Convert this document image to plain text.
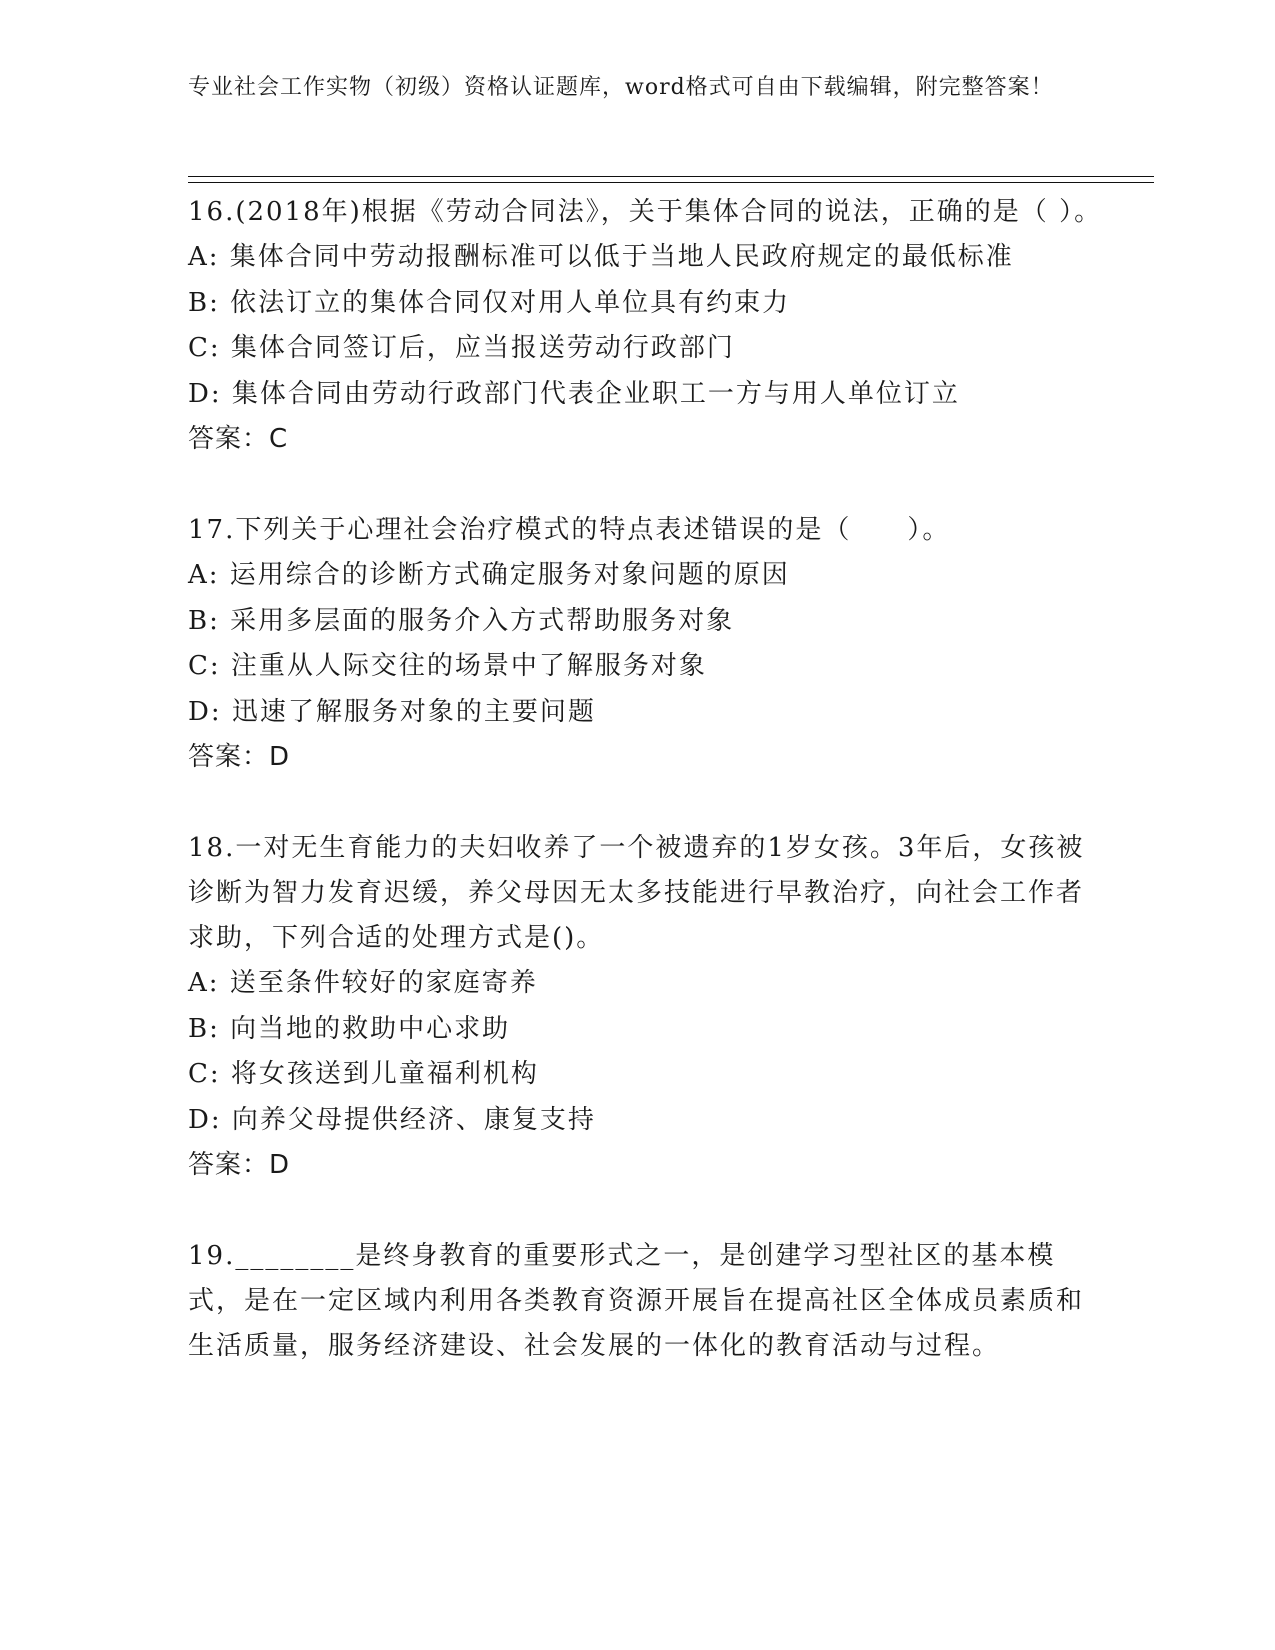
专业社会工作实物（初级）资格认证题库，word格式可自由下载编辑，附完整答案！

16.(2018年)根据《劳动合同法》，关于集体合同的说法，正确的是（ ）。

A: 集体合同中劳动报酬标准可以低于当地人民政府规定的最低标准

B: 依法订立的集体合同仅对用人单位具有约束力

C: 集体合同签订后，应当报送劳动行政部门

D: 集体合同由劳动行政部门代表企业职工一方与用人单位订立

答案：C

17.下列关于心理社会治疗模式的特点表述错误的是（　　）。

A: 运用综合的诊断方式确定服务对象问题的原因

B: 采用多层面的服务介入方式帮助服务对象

C: 注重从人际交往的场景中了解服务对象

D: 迅速了解服务对象的主要问题

答案：D

18.一对无生育能力的夫妇收养了一个被遗弃的1岁女孩。3年后，女孩被诊断为智力发育迟缓，养父母因无太多技能进行早教治疗，向社会工作者求助，下列合适的处理方式是()。

A: 送至条件较好的家庭寄养

B: 向当地的救助中心求助

C: 将女孩送到儿童福利机构

D: 向养父母提供经济、康复支持

答案：D

19.________是终身教育的重要形式之一，是创建学习型社区的基本模式，是在一定区域内利用各类教育资源开展旨在提高社区全体成员素质和生活质量，服务经济建设、社会发展的一体化的教育活动与过程。
